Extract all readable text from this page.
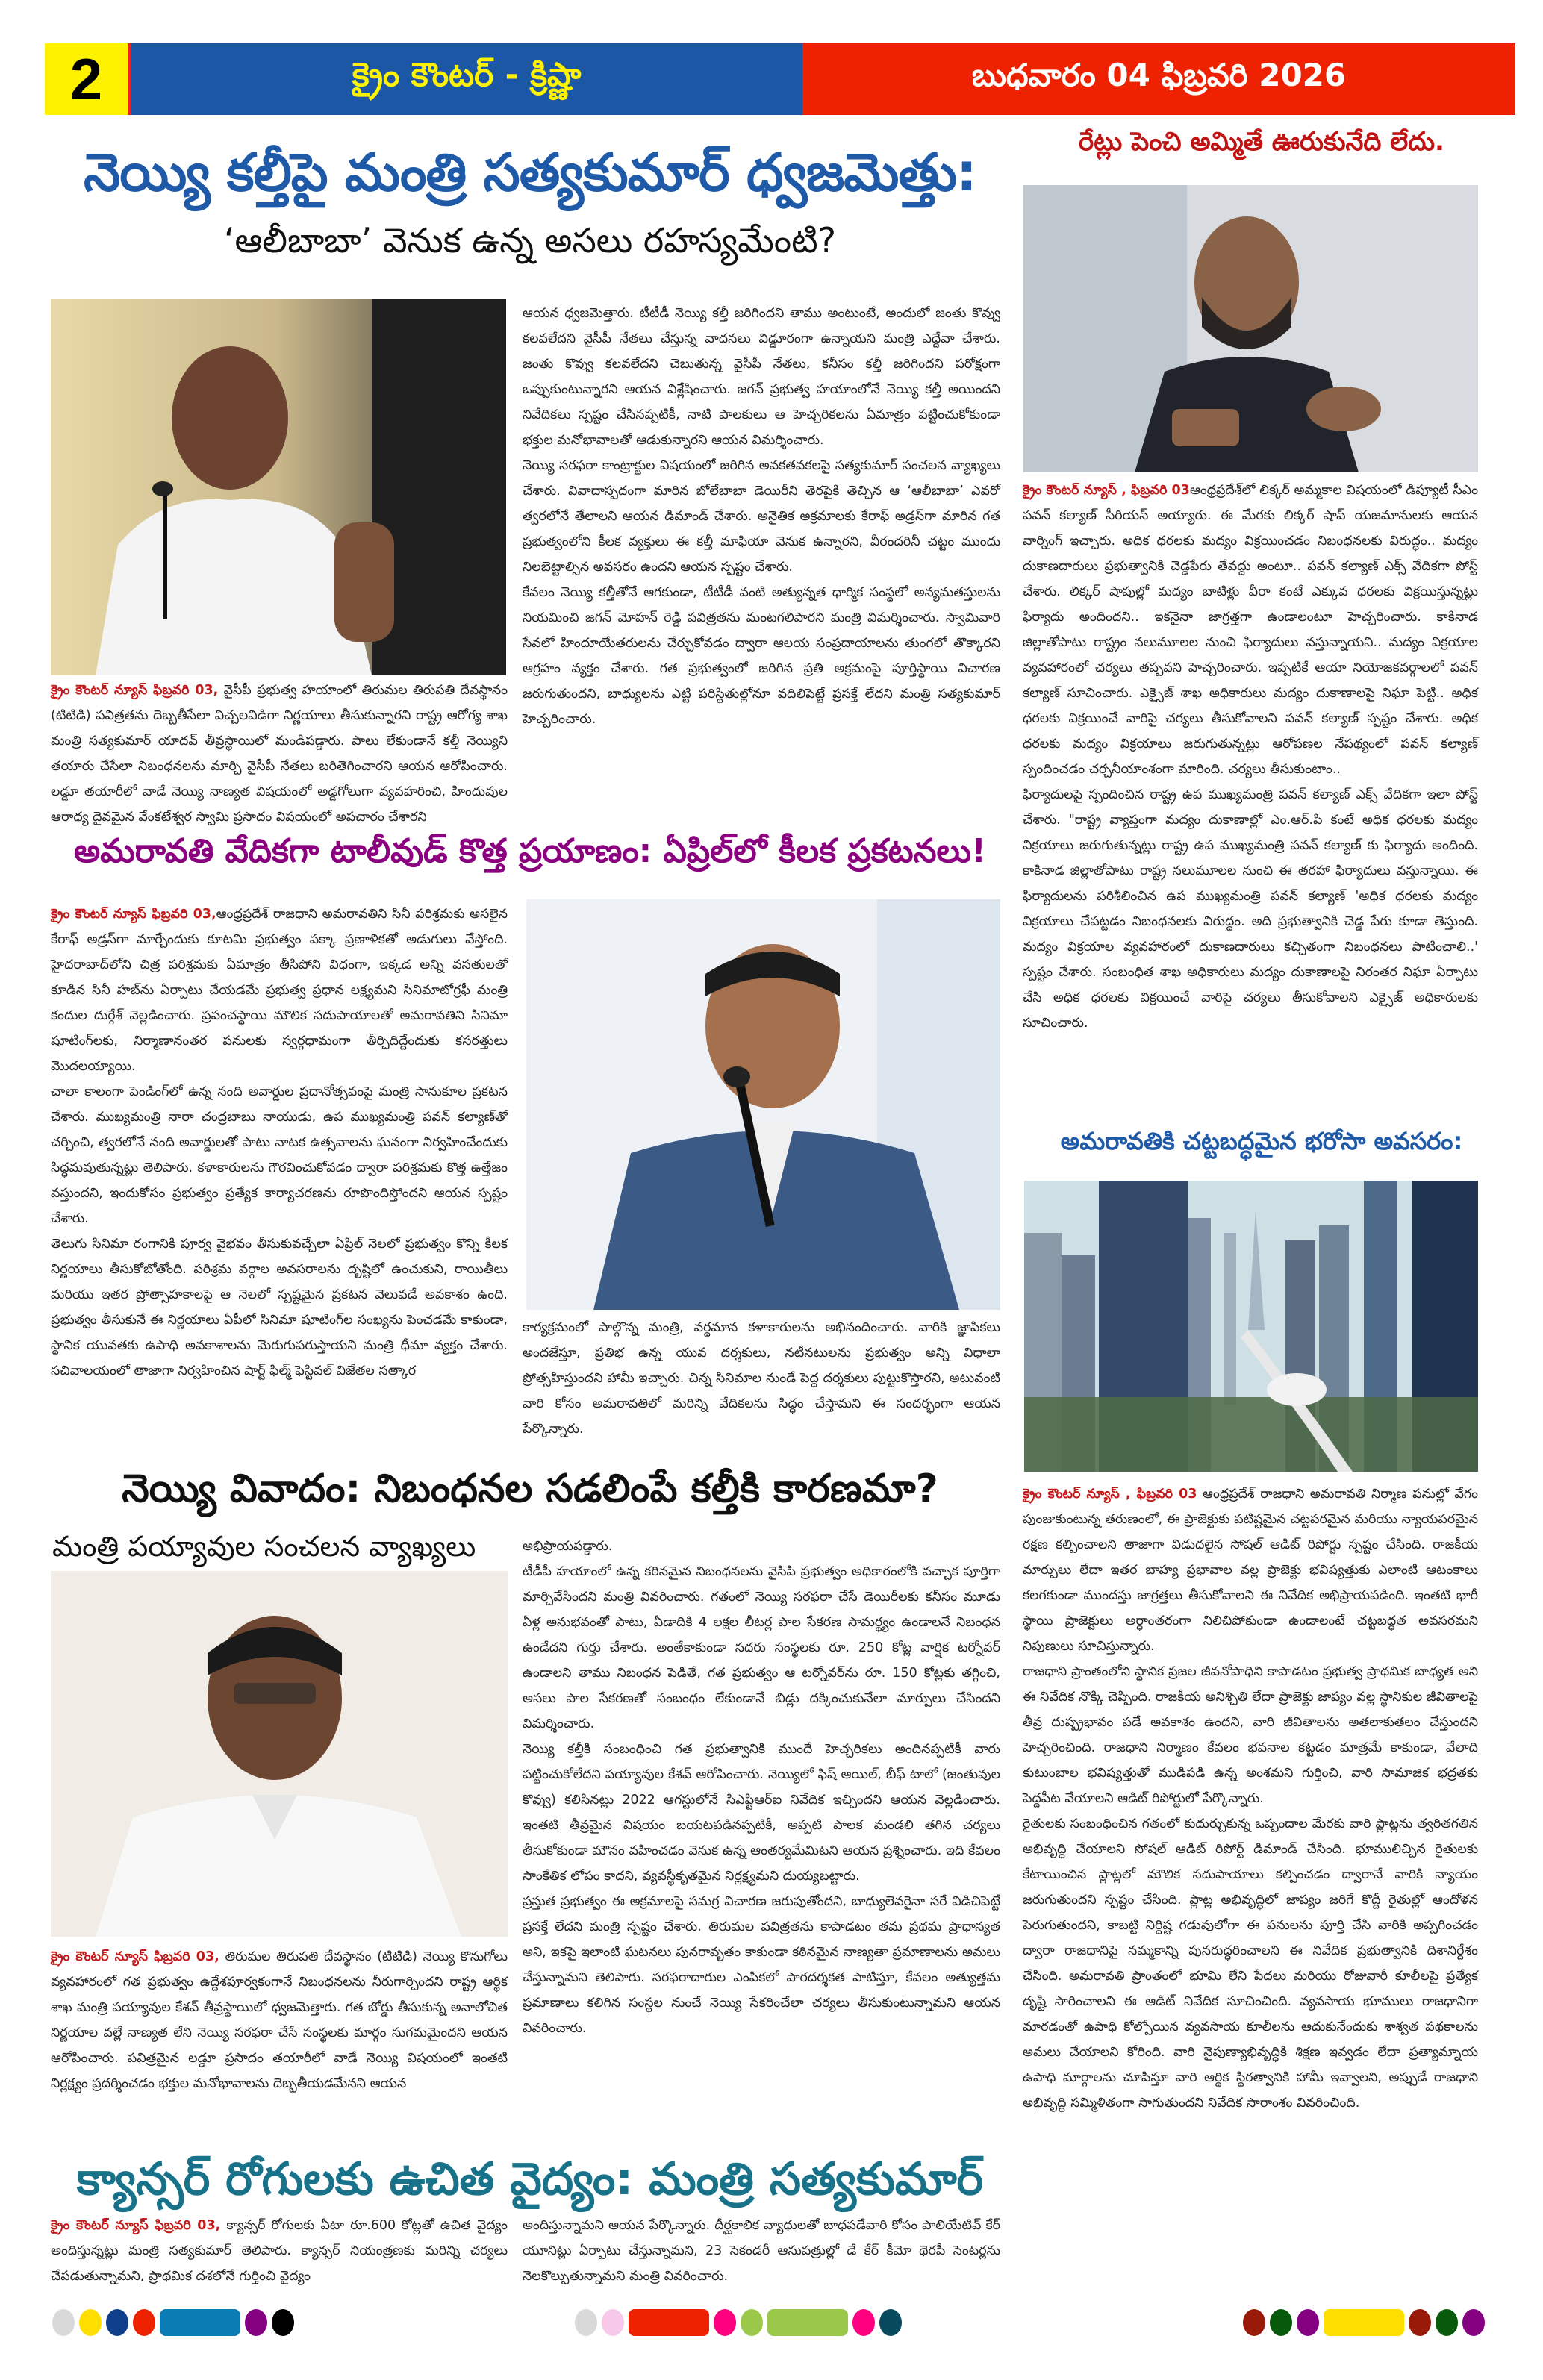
2	క్రైం కౌంటర్ - క్రిష్ణా	బుధవారం 04 ఫిబ్రవరి 2026
నెయ్యి కల్తీపై మంత్రి సత్యకుమార్ ధ్వజమెత్తు:
‘ఆలీబాబా’ వెనుక ఉన్న అసలు రహస్యమేంటి?

క్రైం కౌంటర్ న్యూస్ ఫిబ్రవరి 03, వైసీపీ ప్రభుత్వ హయాంలో తిరుమల తిరుపతి దేవస్థానం (టిటిడి) పవిత్రతను దెబ్బతీసేలా విచ్చలవిడిగా నిర్ణయాలు తీసుకున్నారని రాష్ట్ర ఆరోగ్య శాఖ మంత్రి సత్యకుమార్ యాదవ్ తీవ్రస్థాయిలో మండిపడ్డారు. పాలు లేకుండానే కల్తీ నెయ్యిని తయారు చేసేలా నిబంధనలను మార్చి వైసీపీ నేతలు బరితెగించారని ఆయన ఆరోపించారు. లడ్డూ తయారీలో వాడే నెయ్యి నాణ్యత విషయంలో అడ్డగోలుగా వ్యవహరించి, హిందువుల ఆరాధ్య దైవమైన వేంకటేశ్వర స్వామి ప్రసాదం విషయంలో అపచారం చేశారని

ఆయన ధ్వజమెత్తారు. టీటీడీ నెయ్యి కల్తీ జరిగిందని తాము అంటుంటే, అందులో జంతు కొవ్వు కలవలేదని వైసీపీ నేతలు చేస్తున్న వాదనలు విడ్డూరంగా ఉన్నాయని మంత్రి ఎద్దేవా చేశారు. జంతు కొవ్వు కలవలేదని చెబుతున్న వైసీపీ నేతలు, కనీసం కల్తీ జరిగిందని పరోక్షంగా ఒప్పుకుంటున్నారని ఆయన విశ్లేషించారు. జగన్ ప్రభుత్వ హయాంలోనే నెయ్యి కల్తీ అయిందని నివేదికలు స్పష్టం చేసినప్పటికీ, నాటి పాలకులు ఆ హెచ్చరికలను ఏమాత్రం పట్టించుకోకుండా భక్తుల మనోభావాలతో ఆడుకున్నారని ఆయన విమర్శించారు.

నెయ్యి సరఫరా కాంట్రాక్టుల విషయంలో జరిగిన అవకతవకలపై సత్యకుమార్ సంచలన వ్యాఖ్యలు చేశారు. వివాదాస్పదంగా మారిన బోలేబాబా డెయిరీని తెరపైకి తెచ్చిన ఆ ‘ఆలీబాబా’ ఎవరో త్వరలోనే తేలాలని ఆయన డిమాండ్ చేశారు. అనైతిక అక్రమాలకు కేరాఫ్ అడ్రస్‌గా మారిన గత ప్రభుత్వంలోని కీలక వ్యక్తులు ఈ కల్తీ మాఫియా వెనుక ఉన్నారని, వీరందరినీ చట్టం ముందు నిలబెట్టాల్సిన అవసరం ఉందని ఆయన స్పష్టం చేశారు.

కేవలం నెయ్యి కల్తీతోనే ఆగకుండా, టీటీడీ వంటి అత్యున్నత ధార్మిక సంస్థలో అన్యమతస్తులను నియమించి జగన్ మోహన్ రెడ్డి పవిత్రతను మంటగలిపారని మంత్రి విమర్శించారు. స్వామివారి సేవలో హిందూయేతరులను చేర్చుకోవడం ద్వారా ఆలయ సంప్రదాయాలను తుంగలో తొక్కారని ఆగ్రహం వ్యక్తం చేశారు. గత ప్రభుత్వంలో జరిగిన ప్రతి అక్రమంపై పూర్తిస్థాయి విచారణ జరుగుతుందని, బాధ్యులను ఎట్టి పరిస్థితుల్లోనూ వదిలిపెట్టే ప్రసక్తే లేదని మంత్రి సత్యకుమార్ హెచ్చరించారు.

రేట్లు పెంచి అమ్మితే ఊరుకునేది లేదు.

క్రైం కౌంటర్ న్యూస్ , ఫిబ్రవరి 03ఆంధ్రప్రదేశ్‌లో లిక్కర్ అమ్మకాల విషయంలో డిప్యూటీ సీఎం పవన్ కల్యాణ్ సీరియస్ అయ్యారు. ఈ మేరకు లిక్కర్ షాప్ యజమానులకు ఆయన వార్నింగ్ ఇచ్చారు. అధిక ధరలకు మద్యం విక్రయించడం నిబంధనలకు విరుద్ధం.. మద్యం దుకాణదారులు ప్రభుత్వానికి చెడ్డపేరు తేవద్దు అంటూ.. పవన్ కల్యాణ్ ఎక్స్ వేదికగా పోస్ట్ చేశారు. లిక్కర్ షాపుల్లో మద్యం బాటిళ్లు వీరా కంటే ఎక్కువ ధరలకు విక్రయిస్తున్నట్లు ఫిర్యాదు అందిందని.. ఇకనైనా జాగ్రత్తగా ఉండాలంటూ హెచ్చరించారు. కాకినాడ జిల్లాతోపాటు రాష్ట్రం నలుమూలల నుంచి ఫిర్యాదులు వస్తున్నాయని.. మద్యం విక్రయాల వ్యవహారంలో చర్యలు తప్పవని హెచ్చరించారు. ఇప్పటికే ఆయా నియోజకవర్గాలలో పవన్ కల్యాణ్ సూచించారు. ఎక్సైజ్ శాఖ అధికారులు మద్యం దుకాణాలపై నిఘా పెట్టి.. అధిక ధరలకు విక్రయించే వారిపై చర్యలు తీసుకోవాలని పవన్ కల్యాణ్ స్పష్టం చేశారు. అధిక ధరలకు మద్యం విక్రయాలు జరుగుతున్నట్లు ఆరోపణల నేపథ్యంలో పవన్ కల్యాణ్ స్పందించడం చర్చనీయాంశంగా మారింది. చర్యలు తీసుకుంటాం..

ఫిర్యాదులపై స్పందించిన రాష్ట్ర ఉప ముఖ్యమంత్రి పవన్ కల్యాణ్ ఎక్స్ వేదికగా ఇలా పోస్ట్ చేశారు. "రాష్ట్ర వ్యాప్తంగా మద్యం దుకాణాల్లో ఎం.ఆర్.పి కంటే అధిక ధరలకు మద్యం విక్రయాలు జరుగుతున్నట్లు రాష్ట్ర ఉప ముఖ్యమంత్రి పవన్ కల్యాణ్ కు ఫిర్యాదు అందింది. కాకినాడ జిల్లాతోపాటు రాష్ట్ర నలుమూలల నుంచి ఈ తరహా ఫిర్యాదులు వస్తున్నాయి. ఈ ఫిర్యాదులను పరిశీలించిన ఉప ముఖ్యమంత్రి పవన్ కల్యాణ్ 'అధిక ధరలకు మద్యం విక్రయాలు చేపట్టడం నిబంధనలకు విరుద్ధం. అది ప్రభుత్వానికి చెడ్డ పేరు కూడా తెస్తుంది. మద్యం విక్రయాల వ్యవహారంలో దుకాణదారులు కచ్చితంగా నిబంధనలు పాటించాలి..' స్పష్టం చేశారు. సంబంధిత శాఖ అధికారులు మద్యం దుకాణాలపై నిరంతర నిఘా ఏర్పాటు చేసి అధిక ధరలకు విక్రయించే వారిపై చర్యలు తీసుకోవాలని ఎక్సైజ్ అధికారులకు సూచించారు.

అమరావతి వేదికగా టాలీవుడ్ కొత్త ప్రయాణం: ఏప్రిల్‌లో కీలక ప్రకటనలు!

క్రైం కౌంటర్ న్యూస్ ఫిబ్రవరి 03,ఆంధ్రప్రదేశ్ రాజధాని అమరావతిని సినీ పరిశ్రమకు అసలైన కేరాఫ్ అడ్రస్‌గా మార్చేందుకు కూటమి ప్రభుత్వం పక్కా ప్రణాళికతో అడుగులు వేస్తోంది. హైదరాబాద్‌లోని చిత్ర పరిశ్రమకు ఏమాత్రం తీసిపోని విధంగా, ఇక్కడ అన్ని వసతులతో కూడిన సినీ హబ్‌ను ఏర్పాటు చేయడమే ప్రభుత్వ ప్రధాన లక్ష్యమని సినిమాటోగ్రఫీ మంత్రి కందుల దుర్గేశ్ వెల్లడించారు. ప్రపంచస్థాయి మౌలిక సదుపాయాలతో అమరావతిని సినిమా షూటింగ్‌లకు, నిర్మాణానంతర పనులకు స్వర్గధామంగా తీర్చిదిద్దేందుకు కసరత్తులు మొదలయ్యాయి.

చాలా కాలంగా పెండింగ్‌లో ఉన్న నంది అవార్డుల ప్రదానోత్సవంపై మంత్రి సానుకూల ప్రకటన చేశారు. ముఖ్యమంత్రి నారా చంద్రబాబు నాయుడు, ఉప ముఖ్యమంత్రి పవన్ కల్యాణ్‌తో చర్చించి, త్వరలోనే నంది అవార్డులతో పాటు నాటక ఉత్సవాలను ఘనంగా నిర్వహించేందుకు సిద్ధమవుతున్నట్లు తెలిపారు. కళాకారులను గౌరవించుకోవడం ద్వారా పరిశ్రమకు కొత్త ఉత్తేజం వస్తుందని, ఇందుకోసం ప్రభుత్వం ప్రత్యేక కార్యాచరణను రూపొందిస్తోందని ఆయన స్పష్టం చేశారు.

తెలుగు సినిమా రంగానికి పూర్వ వైభవం తీసుకువచ్చేలా ఏప్రిల్ నెలలో ప్రభుత్వం కొన్ని కీలక నిర్ణయాలు తీసుకోబోతోంది. పరిశ్రమ వర్గాల అవసరాలను దృష్టిలో ఉంచుకుని, రాయితీలు మరియు ఇతర ప్రోత్సాహకాలపై ఆ నెలలో స్పష్టమైన ప్రకటన వెలువడే అవకాశం ఉంది. ప్రభుత్వం తీసుకునే ఈ నిర్ణయాలు ఏపీలో సినిమా షూటింగ్‌ల సంఖ్యను పెంచడమే కాకుండా, స్థానిక యువతకు ఉపాధి అవకాశాలను మెరుగుపరుస్తాయని మంత్రి ధీమా వ్యక్తం చేశారు. సచివాలయంలో తాజాగా నిర్వహించిన షార్ట్ ఫిల్మ్ ఫెస్టివల్ విజేతల సత్కార

కార్యక్రమంలో పాల్గొన్న మంత్రి, వర్ధమాన కళాకారులను అభినందించారు. వారికి జ్ఞాపికలు అందజేస్తూ, ప్రతిభ ఉన్న యువ దర్శకులు, నటీనటులను ప్రభుత్వం అన్ని విధాలా ప్రోత్సహిస్తుందని హామీ ఇచ్చారు. చిన్న సినిమాల నుండే పెద్ద దర్శకులు పుట్టుకొస్తారని, అటువంటి వారి కోసం అమరావతిలో మరిన్ని వేదికలను సిద్ధం చేస్తామని ఈ సందర్భంగా ఆయన పేర్కొన్నారు.

అమరావతికి చట్టబద్ధమైన భరోసా అవసరం:

క్రైం కౌంటర్ న్యూస్ , ఫిబ్రవరి 03 ఆంధ్రప్రదేశ్ రాజధాని అమరావతి నిర్మాణ పనుల్లో వేగం పుంజుకుంటున్న తరుణంలో, ఈ ప్రాజెక్టుకు పటిష్టమైన చట్టపరమైన మరియు న్యాయపరమైన రక్షణ కల్పించాలని తాజాగా విడుదలైన సోషల్ ఆడిట్ రిపోర్టు స్పష్టం చేసింది. రాజకీయ మార్పులు లేదా ఇతర బాహ్య ప్రభావాల వల్ల ప్రాజెక్టు భవిష్యత్తుకు ఎలాంటి ఆటంకాలు కలగకుండా ముందస్తు జాగ్రత్తలు తీసుకోవాలని ఈ నివేదిక అభిప్రాయపడింది. ఇంతటి భారీ స్థాయి ప్రాజెక్టులు అర్ధాంతరంగా నిలిచిపోకుండా ఉండాలంటే చట్టబద్ధత అవసరమని నిపుణులు సూచిస్తున్నారు.

రాజధాని ప్రాంతంలోని స్థానిక ప్రజల జీవనోపాధిని కాపాడటం ప్రభుత్వ ప్రాథమిక బాధ్యత అని ఈ నివేదిక నొక్కి చెప్పింది. రాజకీయ అనిశ్చితి లేదా ప్రాజెక్టు జాప్యం వల్ల స్థానికుల జీవితాలపై తీవ్ర దుష్ప్రభావం పడే అవకాశం ఉందని, వారి జీవితాలను అతలాకుతలం చేస్తుందని హెచ్చరించింది. రాజధాని నిర్మాణం కేవలం భవనాల కట్టడం మాత్రమే కాకుండా, వేలాది కుటుంబాల భవిష్యత్తుతో ముడిపడి ఉన్న అంశమని గుర్తించి, వారి సామాజిక భద్రతకు పెద్దపీట వేయాలని ఆడిట్ రిపోర్టులో పేర్కొన్నారు.

రైతులకు సంబంధించిన గతంలో కుదుర్చుకున్న ఒప్పందాల మేరకు వారి ప్లాట్లను త్వరితగతిన అభివృద్ధి చేయాలని సోషల్ ఆడిట్ రిపోర్ట్ డిమాండ్ చేసింది. భూములిచ్చిన రైతులకు కేటాయించిన ప్లాట్లలో మౌలిక సదుపాయాలు కల్పించడం ద్వారానే వారికి న్యాయం జరుగుతుందని స్పష్టం చేసింది. ప్లాట్ల అభివృద్ధిలో జాప్యం జరిగే కొద్దీ రైతుల్లో ఆందోళన పెరుగుతుందని, కాబట్టి నిర్దిష్ట గడువులోగా ఈ పనులను పూర్తి చేసి వారికి అప్పగించడం ద్వారా రాజధానిపై నమ్మకాన్ని పునరుద్ధరించాలని ఈ నివేదిక ప్రభుత్వానికి దిశానిర్దేశం చేసింది. అమరావతి ప్రాంతంలో భూమి లేని పేదలు మరియు రోజువారీ కూలీలపై ప్రత్యేక దృష్టి సారించాలని ఈ ఆడిట్ నివేదిక సూచించింది. వ్యవసాయ భూములు రాజధానిగా మారడంతో ఉపాధి కోల్పోయిన వ్యవసాయ కూలీలను ఆదుకునేందుకు శాశ్వత పథకాలను అమలు చేయాలని కోరింది. వారి నైపుణ్యాభివృద్ధికి శిక్షణ ఇవ్వడం లేదా ప్రత్యామ్నాయ ఉపాధి మార్గాలను చూపిస్తూ వారి ఆర్థిక స్థిరత్వానికి హామీ ఇవ్వాలని, అప్పుడే రాజధాని అభివృద్ధి సమ్మిళితంగా సాగుతుందని నివేదిక సారాంశం వివరించింది.

నెయ్యి వివాదం: నిబంధనల సడలింపే కల్తీకి కారణమా?
మంత్రి పయ్యావుల సంచలన వ్యాఖ్యలు

క్రైం కౌంటర్ న్యూస్ ఫిబ్రవరి 03, తిరుమల తిరుపతి దేవస్థానం (టిటిడి) నెయ్యి కొనుగోలు వ్యవహారంలో గత ప్రభుత్వం ఉద్దేశపూర్వకంగానే నిబంధనలను నీరుగార్చిందని రాష్ట్ర ఆర్థిక శాఖ మంత్రి పయ్యావుల కేశవ్ తీవ్రస్థాయిలో ధ్వజమెత్తారు. గత బోర్డు తీసుకున్న అనాలోచిత నిర్ణయాల వల్లే నాణ్యత లేని నెయ్యి సరఫరా చేసే సంస్థలకు మార్గం సుగమమైందని ఆయన ఆరోపించారు. పవిత్రమైన లడ్డూ ప్రసాదం తయారీలో వాడే నెయ్యి విషయంలో ఇంతటి నిర్లక్ష్యం ప్రదర్శించడం భక్తుల మనోభావాలను దెబ్బతీయడమేనని ఆయన

అభిప్రాయపడ్డారు.

టీడీపీ హయాంలో ఉన్న కఠినమైన నిబంధనలను వైసిపి ప్రభుత్వం అధికారంలోకి వచ్చాక పూర్తిగా మార్చివేసిందని మంత్రి వివరించారు. గతంలో నెయ్యి సరఫరా చేసే డెయిరీలకు కనీసం మూడు ఏళ్ల అనుభవంతో పాటు, ఏడాదికి 4 లక్షల లీటర్ల పాల సేకరణ సామర్థ్యం ఉండాలనే నిబంధన ఉండేదని గుర్తు చేశారు. అంతేకాకుండా సదరు సంస్థలకు రూ. 250 కోట్ల వార్షిక టర్నోవర్ ఉండాలని తాము నిబంధన పెడితే, గత ప్రభుత్వం ఆ టర్నోవర్‌ను రూ. 150 కోట్లకు తగ్గించి, అసలు పాల సేకరణతో సంబంధం లేకుండానే బిడ్లు దక్కించుకునేలా మార్పులు చేసిందని విమర్శించారు.

నెయ్యి కల్తీకి సంబంధించి గత ప్రభుత్వానికి ముందే హెచ్చరికలు అందినప్పటికీ వారు పట్టించుకోలేదని పయ్యావుల కేశవ్ ఆరోపించారు. నెయ్యిలో ఫిష్ ఆయిల్, బీఫ్ టాలో (జంతువుల కొవ్వు) కలిసినట్లు 2022 ఆగస్టులోనే సిఎఫ్టిఆర్ఐ నివేదిక ఇచ్చిందని ఆయన వెల్లడించారు. ఇంతటి తీవ్రమైన విషయం బయటపడినప్పటికీ, అప్పటి పాలక మండలి తగిన చర్యలు తీసుకోకుండా మౌనం వహించడం వెనుక ఉన్న ఆంతర్యమేమిటని ఆయన ప్రశ్నించారు. ఇది కేవలం సాంకేతిక లోపం కాదని, వ్యవస్థీకృతమైన నిర్లక్ష్యమని దుయ్యబట్టారు.

ప్రస్తుత ప్రభుత్వం ఈ అక్రమాలపై సమగ్ర విచారణ జరుపుతోందని, బాధ్యులెవరైనా సరే విడిచిపెట్టే ప్రసక్తే లేదని మంత్రి స్పష్టం చేశారు. తిరుమల పవిత్రతను కాపాడటం తమ ప్రథమ ప్రాధాన్యత అని, ఇకపై ఇలాంటి ఘటనలు పునరావృతం కాకుండా కఠినమైన నాణ్యతా ప్రమాణాలను అమలు చేస్తున్నామని తెలిపారు. సరఫరాదారుల ఎంపికలో పారదర్శకత పాటిస్తూ, కేవలం అత్యుత్తమ ప్రమాణాలు కలిగిన సంస్థల నుంచే నెయ్యి సేకరించేలా చర్యలు తీసుకుంటున్నామని ఆయన వివరించారు.

క్యాన్సర్ రోగులకు ఉచిత వైద్యం: మంత్రి సత్యకుమార్

క్రైం కౌంటర్ న్యూస్ ఫిబ్రవరి 03, క్యాన్సర్ రోగులకు ఏటా రూ.600 కోట్లతో ఉచిత వైద్యం అందిస్తున్నట్లు మంత్రి సత్యకుమార్ తెలిపారు. క్యాన్సర్ నియంత్రణకు మరిన్ని చర్యలు చేపడుతున్నామని, ప్రాథమిక దశలోనే గుర్తించి వైద్యం

అందిస్తున్నామని ఆయన పేర్కొన్నారు. దీర్ఘకాలిక వ్యాధులతో బాధపడేవారి కోసం పాలియేటివ్ కేర్ యూనిట్లు ఏర్పాటు చేస్తున్నామని, 23 సెకండరీ ఆసుపత్రుల్లో డే కేర్ కీమో థెరపీ సెంటర్లను నెలకొల్పుతున్నామని మంత్రి వివరించారు.
